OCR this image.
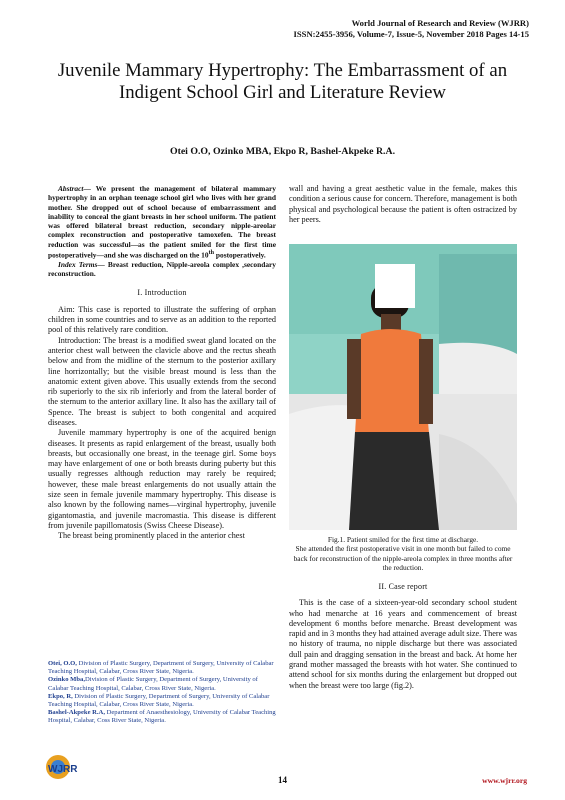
World Journal of Research and Review (WJRR)
ISSN:2455-3956, Volume-7, Issue-5, November 2018 Pages 14-15
Juvenile Mammary Hypertrophy: The Embarrassment of an Indigent School Girl and Literature Review
Otei O.O, Ozinko MBA, Ekpo R, Bashel-Akpeke R.A.

Abstract— We present the management of bilateral mammary hypertrophy in an orphan teenage school girl who lives with her grand mother. She dropped out of school because of embarrassment and inability to conceal the giant breasts in her school uniform. The patient was offered bilateral breast reduction, secondary nipple-areolar complex reconstruction and postoperative tamoxefen. The breast reduction was successful—as the patient smiled for the first time postoperatively—and she was discharged on the 10th postoperatively.

Index Terms— Breast reduction, Nipple-areola complex ,secondary reconstruction.

I. Introduction

Aim: This case is reported to illustrate the suffering of orphan children in some countries and to serve as an addition to the reported pool of this relatively rare condition.

Introduction: The breast is a modified sweat gland located on the anterior chest wall between the clavicle above and the rectus sheath below and from the midline of the sternum to the posterior axillary line horrizontally; but the visible breast mound is less than the anatomic extent given above. This usually extends from the second rib superiorly to the six rib inferiorly and from the lateral border of the sternum to the anterior axillary line. It also has the axillary tail of Spence. The breast is subject to both congenital and acquired diseases.

Juvenile mammary hypertrophy is one of the acquired benign diseases. It presents as rapid enlargement of the breast, usually both breasts, but occasionally one breast, in the teenage girl. Some boys may have enlargement of one or both breasts during puberty but this usually regresses although reduction may rarely be required; however, these male breast enlargements do not usually attain the size seen in female juvenile mammary hypertrophy. This disease is also known by the following names—virginal hypertrophy, juvenile gigantomastia, and juvenile macromastia. This disease is different from juvenile papillomatosis (Swiss Cheese Disease).

The breast being prominently placed in the anterior chest

Otei, O.O, Division of Plastic Surgery, Department of Surgery, University of Calabar Teaching Hospital, Calabar, Cross River State, Nigeria.
Ozinko Mba,Division of Plastic Surgery, Department of Surgery, University of Calabar Teaching Hospital, Calabar, Cross River State, Nigeria.
Ekpo, R, Division of Plastic Surgery, Department of Surgery, University of Calabar Teaching Hospital, Calabar, Cross River State, Nigeria.
Bashel-Akpeke R.A, Department of Anaesthesiology, University of Calabar Teaching Hospital, Calabar, Coss River State, Nigeria.

wall and having a great aesthetic value in the female, makes this condition a serious cause for concern. Therefore, management is both physical and psychological because the patient is often ostracized by her peers.

Fig.1. Patient smiled for the first time at discharge.
She attended the first postoperative visit in one month but failed to come back for reconstruction of the nipple-areola complex in three months after the reduction.
II. Case report

This is the case of a sixteen-year-old secondary school student who had menarche at 16 years and commencement of breast development 6 months before menarche. Breast development was rapid and in 3 months they had attained average adult size. There was no history of trauma, no nipple discharge but there was associated dull pain and dragging sensation in the breast and back. At home her grand mother massaged the breasts with hot water. She continued to attend school for six months during the enlargement but dropped out when the breast were too large (fig.2).

WJRR
14	www.wjrr.org
